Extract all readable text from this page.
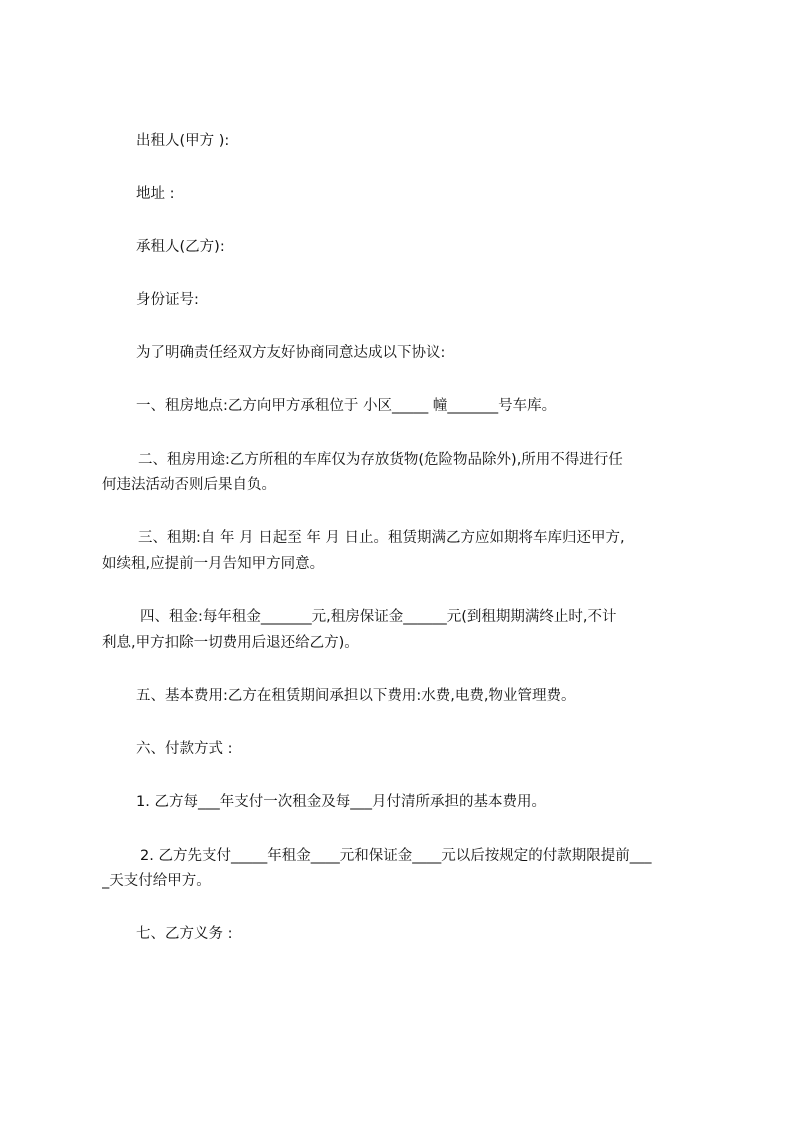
出租人(甲方 ):
地址 :
承租人(乙方):
身份证号:
为了明确责任经双方友好协商同意达成以下协议:
一、租房地点:乙方向甲方承租位于 小区_____ 幢_______号车库。
二、租房用途:乙方所租的车库仅为存放货物(危险物品除外),所用不得进行任
何违法活动否则后果自负。
三、租期:自 年 月 日起至 年 月 日止。租赁期满乙方应如期将车库归还甲方,
如续租,应提前一月告知甲方同意。
四、租金:每年租金_______元,租房保证金______元(到租期期满终止时,不计
利息,甲方扣除一切费用后退还给乙方)。
五、基本费用:乙方在租赁期间承担以下费用:水费,电费,物业管理费。
六、付款方式 :
1. 乙方每___年支付一次租金及每___月付清所承担的基本费用。
2. 乙方先支付_____年租金____元和保证金____元以后按规定的付款期限提前___
_天支付给甲方。
七、乙方义务 :
